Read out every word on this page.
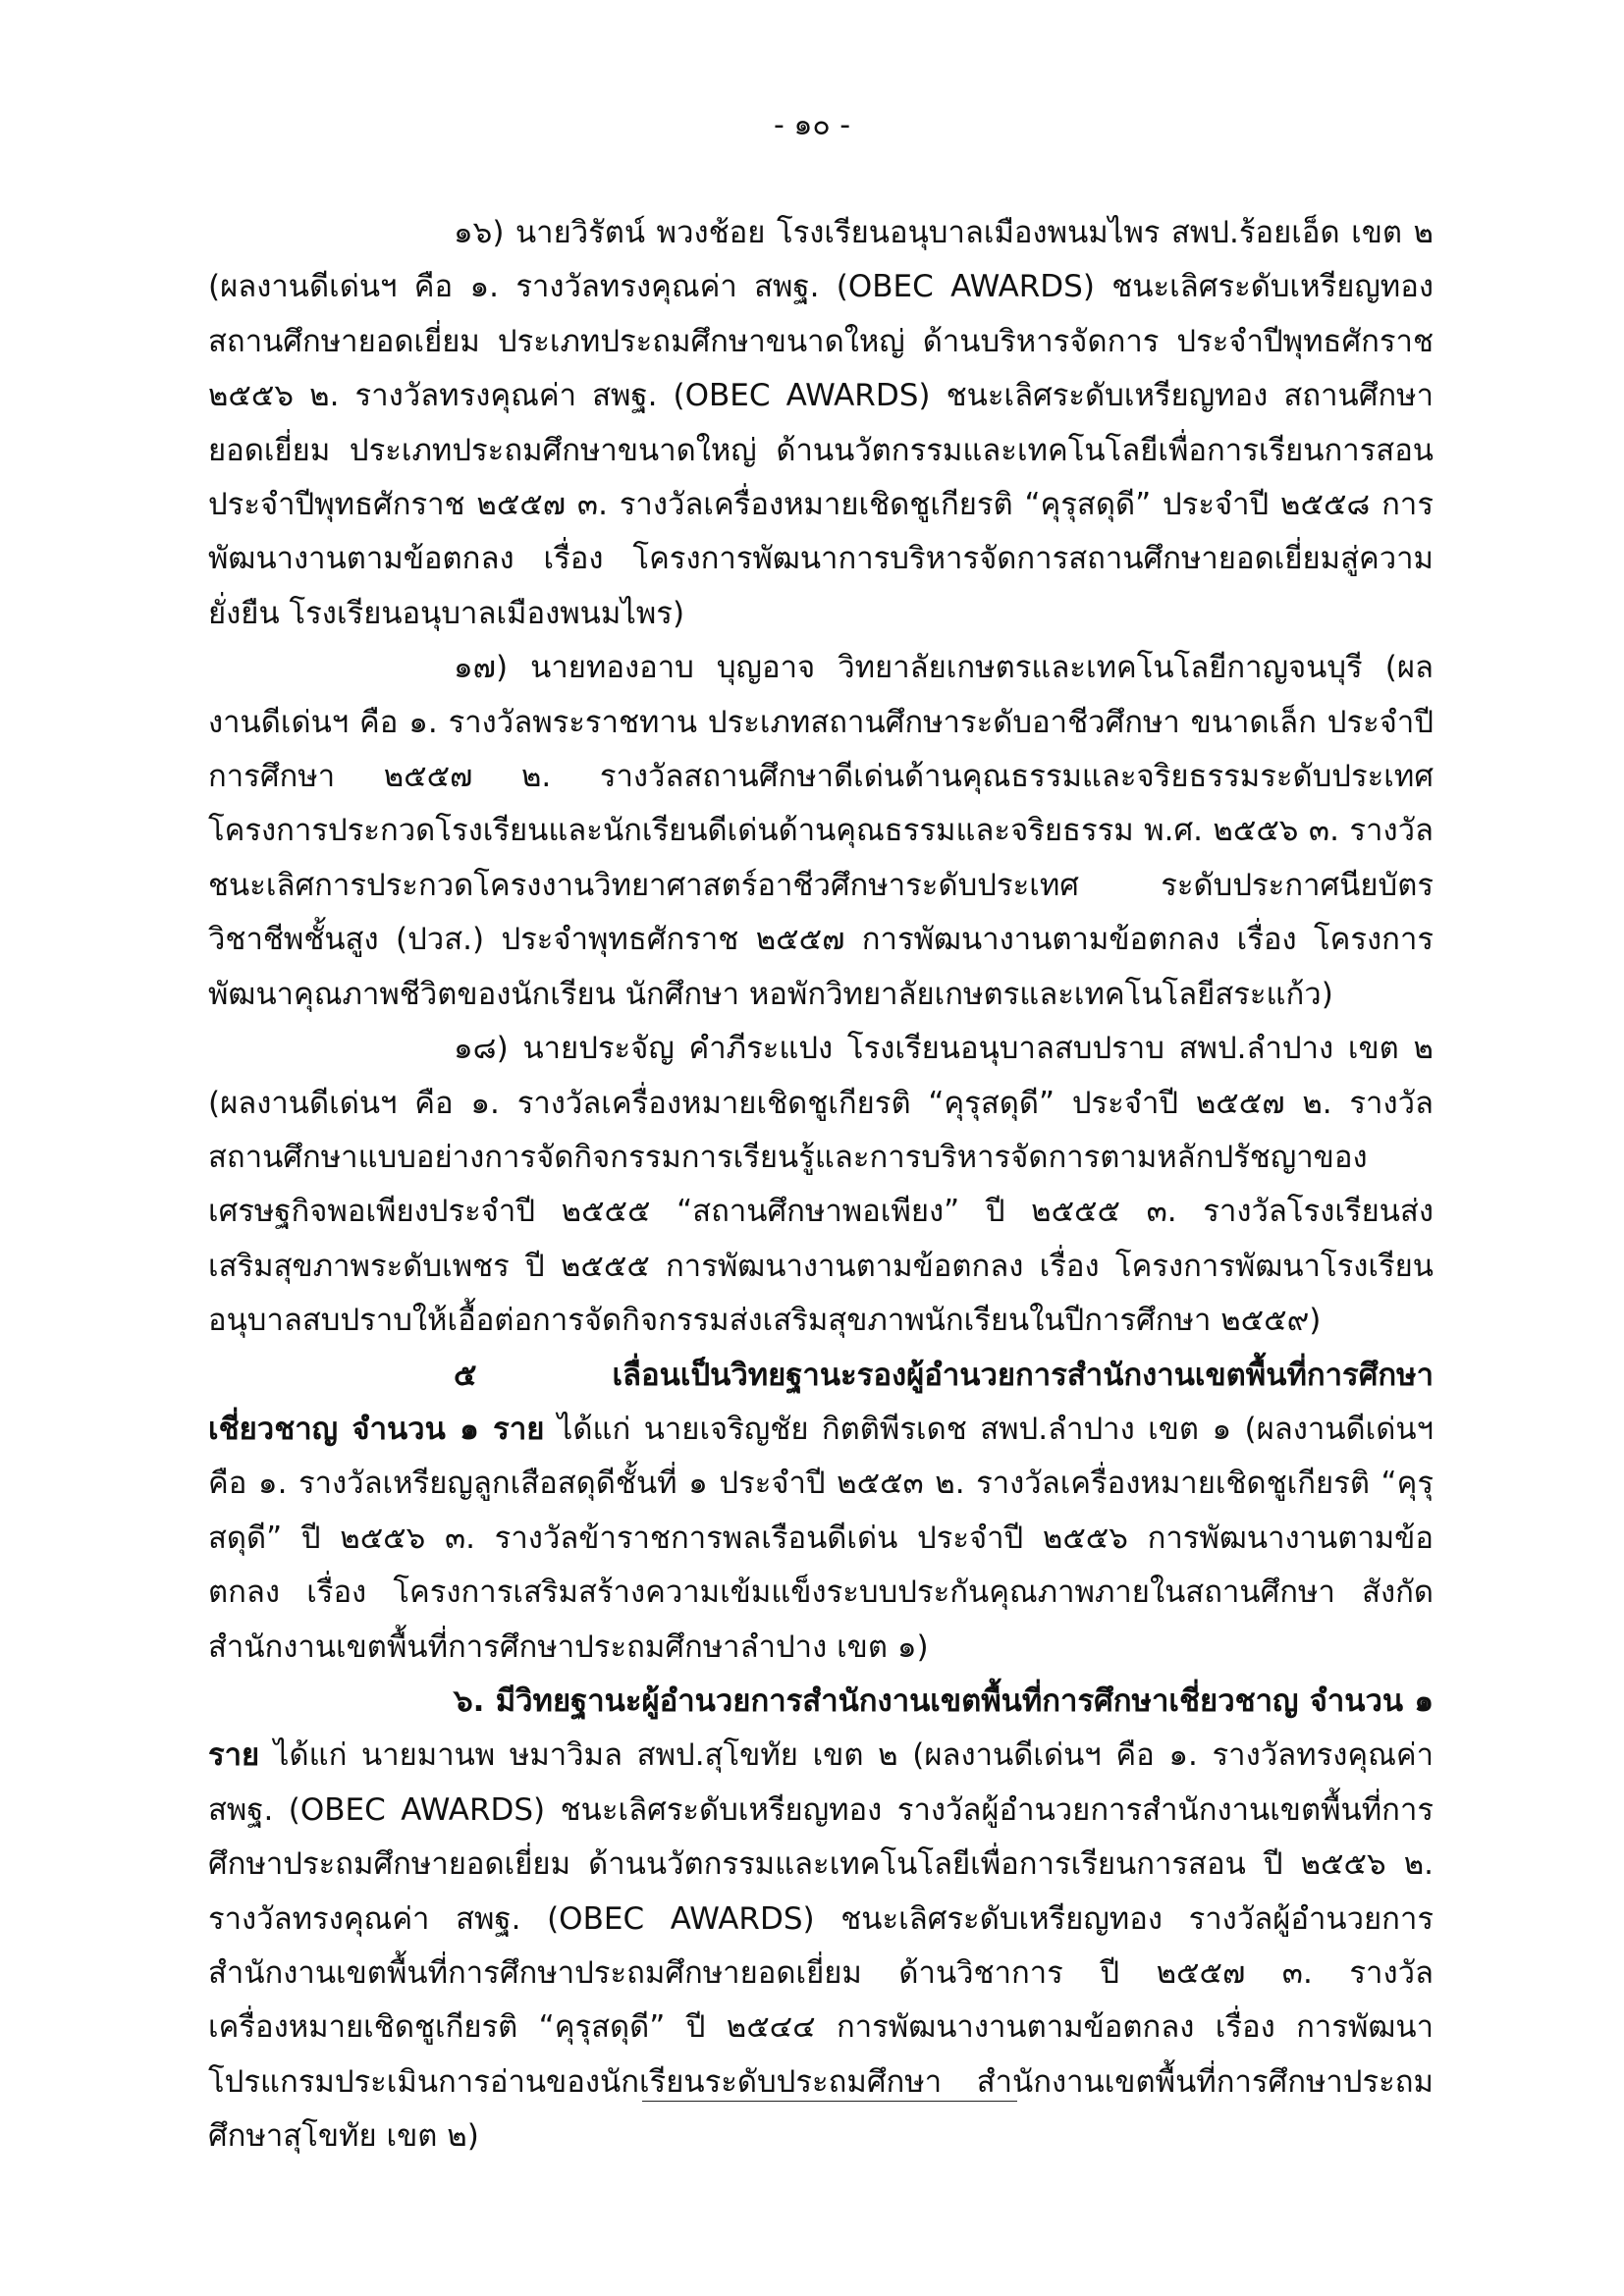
- ๑๐ -

๑๖) นายวิรัตน์ พวงช้อย โรงเรียนอนุบาลเมืองพนมไพร สพป.ร้อยเอ็ด เขต ๒ (ผลงานดีเด่นฯ คือ ๑. รางวัลทรงคุณค่า สพฐ. (OBEC AWARDS) ชนะเลิศระดับเหรียญทอง สถานศึกษายอดเยี่ยม ประเภทประถมศึกษาขนาดใหญ่ ด้านบริหารจัดการ ประจำปีพุทธศักราช ๒๕๕๖ ๒. รางวัลทรงคุณค่า สพฐ. (OBEC AWARDS) ชนะเลิศระดับเหรียญทอง สถานศึกษายอดเยี่ยม ประเภทประถมศึกษาขนาดใหญ่ ด้านนวัตกรรมและเทคโนโลยีเพื่อการเรียนการสอน ประจำปีพุทธศักราช ๒๕๕๗ ๓. รางวัลเครื่องหมายเชิดชูเกียรติ “คุรุสดุดี” ประจำปี ๒๕๕๘ การพัฒนางานตามข้อตกลง เรื่อง โครงการพัฒนาการบริหารจัดการสถานศึกษายอดเยี่ยมสู่ความยั่งยืน โรงเรียนอนุบาลเมืองพนมไพร)

๑๗) นายทองอาบ บุญอาจ วิทยาลัยเกษตรและเทคโนโลยีกาญจนบุรี (ผลงานดีเด่นฯ คือ ๑. รางวัลพระราชทาน ประเภทสถานศึกษาระดับอาชีวศึกษา ขนาดเล็ก ประจำปีการศึกษา ๒๕๕๗ ๒. รางวัลสถานศึกษาดีเด่นด้านคุณธรรมและจริยธรรมระดับประเทศ โครงการประกวดโรงเรียนและนักเรียนดีเด่นด้านคุณธรรมและจริยธรรม พ.ศ. ๒๕๕๖ ๓. รางวัลชนะเลิศการประกวดโครงงานวิทยาศาสตร์อาชีวศึกษาระดับประเทศ ระดับประกาศนียบัตรวิชาชีพชั้นสูง (ปวส.) ประจำพุทธศักราช ๒๕๕๗ การพัฒนางานตามข้อตกลง เรื่อง โครงการพัฒนาคุณภาพชีวิตของนักเรียน นักศึกษา หอพักวิทยาลัยเกษตรและเทคโนโลยีสระแก้ว)

๑๘) นายประจัญ คำภีระแปง โรงเรียนอนุบาลสบปราบ สพป.ลำปาง เขต ๒ (ผลงานดีเด่นฯ คือ ๑. รางวัลเครื่องหมายเชิดชูเกียรติ “คุรุสดุดี” ประจำปี ๒๕๕๗ ๒. รางวัลสถานศึกษาแบบอย่างการจัดกิจกรรมการเรียนรู้และการบริหารจัดการตามหลักปรัชญาของเศรษฐกิจพอเพียงประจำปี ๒๕๕๕ “สถานศึกษาพอเพียง” ปี ๒๕๕๕ ๓. รางวัลโรงเรียนส่งเสริมสุขภาพระดับเพชร ปี ๒๕๕๕ การพัฒนางานตามข้อตกลง เรื่อง โครงการพัฒนาโรงเรียนอนุบาลสบปราบให้เอื้อต่อการจัดกิจกรรมส่งเสริมสุขภาพนักเรียนในปีการศึกษา ๒๕๕๙)

๕ เลื่อนเป็นวิทยฐานะรองผู้อำนวยการสำนักงานเขตพื้นที่การศึกษาเชี่ยวชาญ จำนวน ๑ ราย ได้แก่ นายเจริญชัย กิตติพีรเดช สพป.ลำปาง เขต ๑ (ผลงานดีเด่นฯ คือ ๑. รางวัลเหรียญลูกเสือสดุดีชั้นที่ ๑ ประจำปี ๒๕๕๓ ๒. รางวัลเครื่องหมายเชิดชูเกียรติ “คุรุสดุดี” ปี ๒๕๕๖ ๓. รางวัลข้าราชการพลเรือนดีเด่น ประจำปี ๒๕๕๖ การพัฒนางานตามข้อตกลง เรื่อง โครงการเสริมสร้างความเข้มแข็งระบบประกันคุณภาพภายในสถานศึกษา สังกัดสำนักงานเขตพื้นที่การศึกษาประถมศึกษาลำปาง เขต ๑)

๖. มีวิทยฐานะผู้อำนวยการสำนักงานเขตพื้นที่การศึกษาเชี่ยวชาญ จำนวน ๑ ราย ได้แก่ นายมานพ ษมาวิมล สพป.สุโขทัย เขต ๒ (ผลงานดีเด่นฯ คือ ๑. รางวัลทรงคุณค่า สพฐ. (OBEC AWARDS) ชนะเลิศระดับเหรียญทอง รางวัลผู้อำนวยการสำนักงานเขตพื้นที่การศึกษาประถมศึกษายอดเยี่ยม ด้านนวัตกรรมและเทคโนโลยีเพื่อการเรียนการสอน ปี ๒๕๕๖ ๒. รางวัลทรงคุณค่า สพฐ. (OBEC AWARDS) ชนะเลิศระดับเหรียญทอง รางวัลผู้อำนวยการสำนักงานเขตพื้นที่การศึกษาประถมศึกษายอดเยี่ยม ด้านวิชาการ ปี ๒๕๕๗ ๓. รางวัลเครื่องหมายเชิดชูเกียรติ “คุรุสดุดี” ปี ๒๕๔๔ การพัฒนางานตามข้อตกลง เรื่อง การพัฒนาโปรแกรมประเมินการอ่านของนักเรียนระดับประถมศึกษา สำนักงานเขตพื้นที่การศึกษาประถมศึกษาสุโขทัย เขต ๒)
